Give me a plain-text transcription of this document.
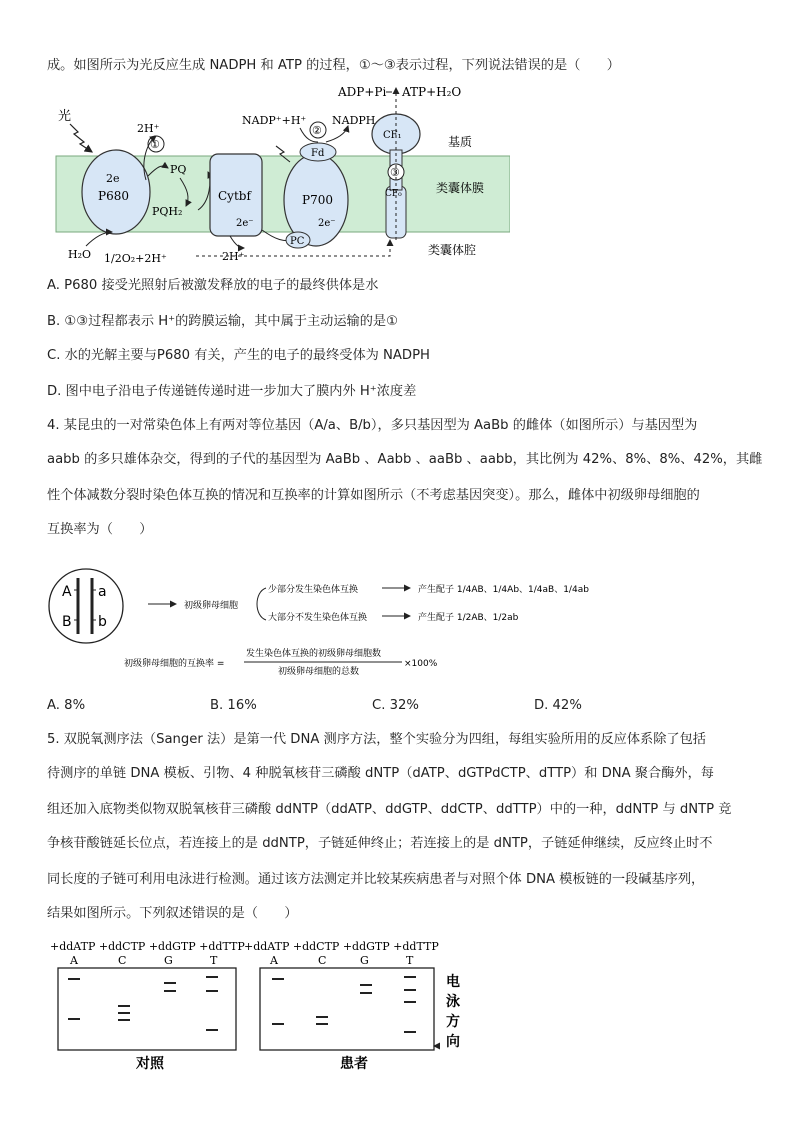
成。如图所示为光反应生成 NADPH 和 ATP 的过程，①～③表示过程，下列说法错误的是（　　）
光
2e
P680
2H⁺
①
PQ
PQH₂
Cytbf
2e⁻
2H⁺
P700
2e⁻
PC
Fd
NADP⁺+H⁺
②
NADPH
CF₁
③
CF₀
ADP+Pi ATP+H₂O
基质
类囊体膜
类囊体腔
H₂O 1/2O₂+2H⁺
A. P680 接受光照射后被激发释放的电子的最终供体是水
B. ①③过程都表示 H⁺的跨膜运输，其中属于主动运输的是①
C. 水的光解主要与P680 有关，产生的电子的最终受体为 NADPH
D. 图中电子沿电子传递链传递时进一步加大了膜内外 H⁺浓度差
4. 某昆虫的一对常染色体上有两对等位基因（A/a、B/b），多只基因型为 AaBb 的雌体（如图所示）与基因型为
aabb 的多只雄体杂交，得到的子代的基因型为 AaBb 、Aabb 、aaBb 、aabb，其比例为 42%、8%、8%、42%，其雌
性个体减数分裂时染色体互换的情况和互换率的计算如图所示（不考虑基因突变）。那么，雌体中初级卵母细胞的
互换率为（　　）
A a
B b
初级卵母细胞
少部分发生染色体互换
大部分不发生染色体互换
产生配子 1/4AB、1/4Ab、1/4aB、1/4ab
产生配子 1/2AB、1/2ab
初级卵母细胞的互换率 =
发生染色体互换的初级卵母细胞数
初级卵母细胞的总数
×100%
A. 8%	B. 16%	C. 32%	D. 42%
5. 双脱氧测序法（Sanger 法）是第一代 DNA 测序方法，整个实验分为四组，每组实验所用的反应体系除了包括
待测序的单链 DNA 模板、引物、4 种脱氧核苷三磷酸 dNTP（dATP、dGTPdCTP、dTTP）和 DNA 聚合酶外，每
组还加入底物类似物双脱氧核苷三磷酸 ddNTP（ddATP、ddGTP、ddCTP、ddTTP）中的一种，ddNTP 与 dNTP 竞
争核苷酸链延长位点，若连接上的是 ddNTP，子链延伸终止；若连接上的是 dNTP，子链延伸继续，反应终止时不
同长度的子链可利用电泳进行检测。通过该方法测定并比较某疾病患者与对照个体 DNA 模板链的一段碱基序列，
结果如图所示。下列叙述错误的是（　　）
+ddATP +ddCTP +ddGTP +ddTTP +ddATP +ddCTP +ddGTP +ddTTP
A	C	G	T	A	C	G	T
电
泳
方
向
对照	患者
